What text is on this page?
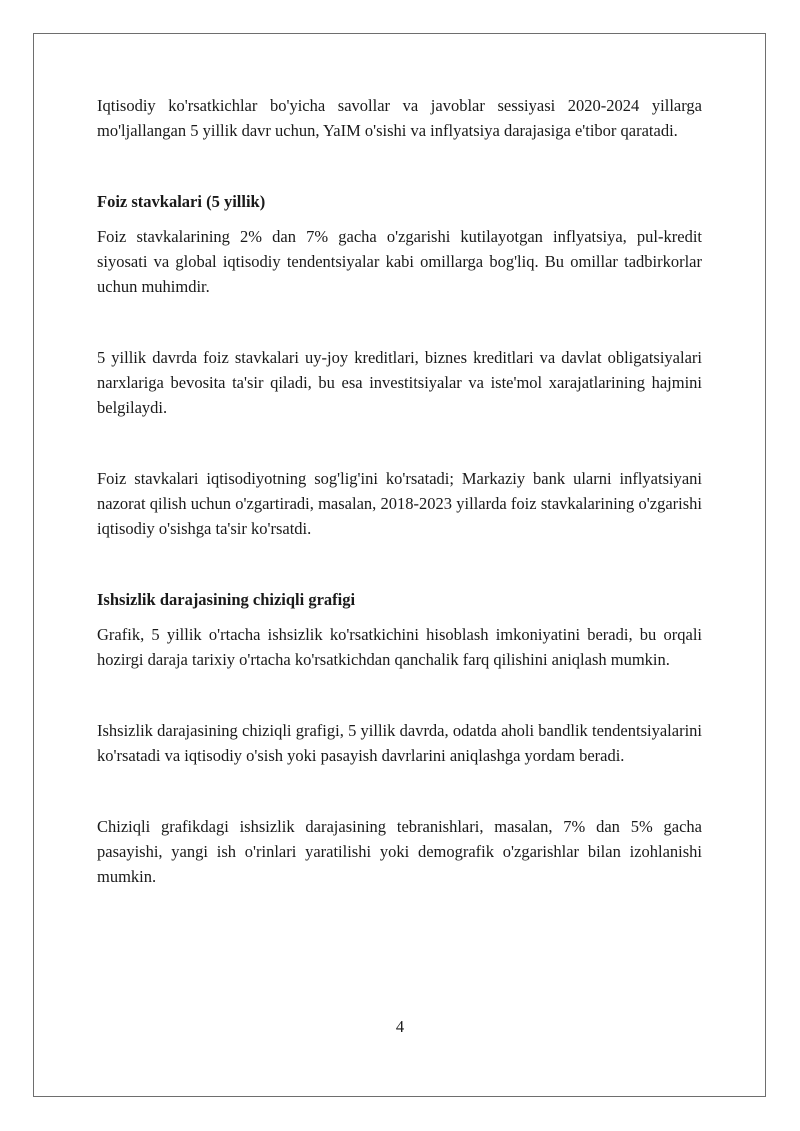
Iqtisodiy ko'rsatkichlar bo'yicha savollar va javoblar sessiyasi 2020-2024 yillarga mo'ljallangan 5 yillik davr uchun, YaIM o'sishi va inflyatsiya darajasiga e'tibor qaratadi.

Foiz stavkalari (5 yillik)

Foiz stavkalarining 2% dan 7% gacha o'zgarishi kutilayotgan inflyatsiya, pul-kredit siyosati va global iqtisodiy tendentsiyalar kabi omillarga bog'liq. Bu omillar tadbirkorlar uchun muhimdir.

5 yillik davrda foiz stavkalari uy-joy kreditlari, biznes kreditlari va davlat obligatsiyalari narxlariga bevosita ta'sir qiladi, bu esa investitsiyalar va iste'mol xarajatlarining hajmini belgilaydi.

Foiz stavkalari iqtisodiyotning sog'lig'ini ko'rsatadi; Markaziy bank ularni inflyatsiyani nazorat qilish uchun o'zgartiradi, masalan, 2018-2023 yillarda foiz stavkalarining o'zgarishi iqtisodiy o'sishga ta'sir ko'rsatdi.

Ishsizlik darajasining chiziqli grafigi

Grafik, 5 yillik o'rtacha ishsizlik ko'rsatkichini hisoblash imkoniyatini beradi, bu orqali hozirgi daraja tarixiy o'rtacha ko'rsatkichdan qanchalik farq qilishini aniqlash mumkin.

Ishsizlik darajasining chiziqli grafigi, 5 yillik davrda, odatda aholi bandlik tendentsiyalarini ko'rsatadi va iqtisodiy o'sish yoki pasayish davrlarini aniqlashga yordam beradi.

Chiziqli grafikdagi ishsizlik darajasining tebranishlari, masalan, 7% dan 5% gacha pasayishi, yangi ish o'rinlari yaratilishi yoki demografik o'zgarishlar bilan izohlanishi mumkin.

4
